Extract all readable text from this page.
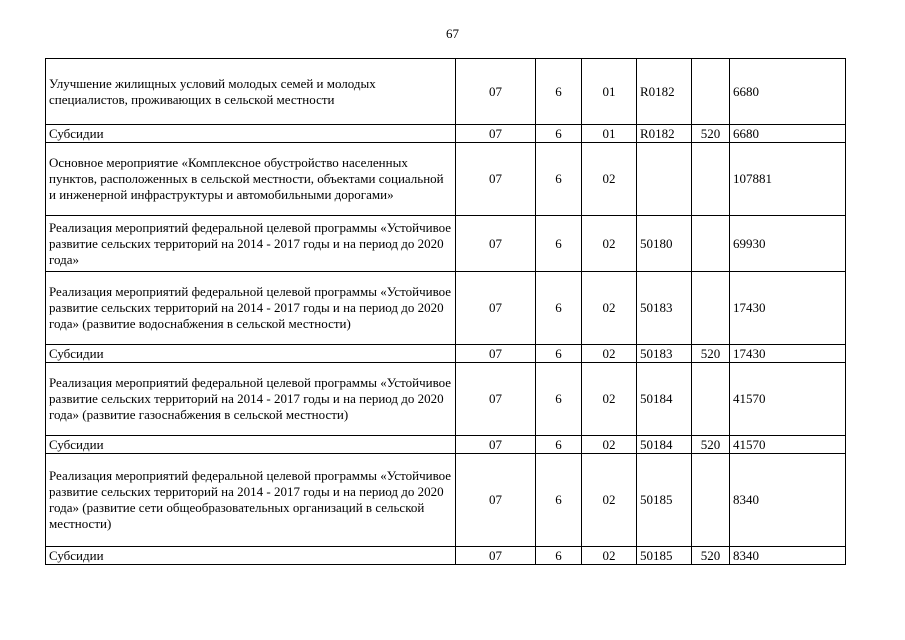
67
Улучшение жилищных условий молодых семей и молодых специалистов, проживающих в сельской местности	07	6	01	R0182		6680
Субсидии	07	6	01	R0182	520	6680
Основное мероприятие «Комплексное обустройство населенных пунктов, расположенных в сельской местности, объектами социальной и инженерной инфраструктуры и автомобильными дорогами»	07	6	02			107881
Реализация мероприятий федеральной целевой программы «Устойчивое развитие сельских территорий на 2014 - 2017 годы и на период до 2020 года»	07	6	02	50180		69930
Реализация мероприятий федеральной целевой программы «Устойчивое развитие сельских территорий на 2014 - 2017 годы и на период до 2020 года» (развитие водоснабжения в сельской местности)	07	6	02	50183		17430
Субсидии	07	6	02	50183	520	17430
Реализация мероприятий федеральной целевой программы «Устойчивое развитие сельских территорий на 2014 - 2017 годы и на период до 2020 года» (развитие газоснабжения в сельской местности)	07	6	02	50184		41570
Субсидии	07	6	02	50184	520	41570
Реализация мероприятий федеральной целевой программы «Устойчивое развитие сельских территорий на 2014 - 2017 годы и на период до 2020 года» (развитие сети общеобразовательных организаций в сельской местности)	07	6	02	50185		8340
Субсидии	07	6	02	50185	520	8340
